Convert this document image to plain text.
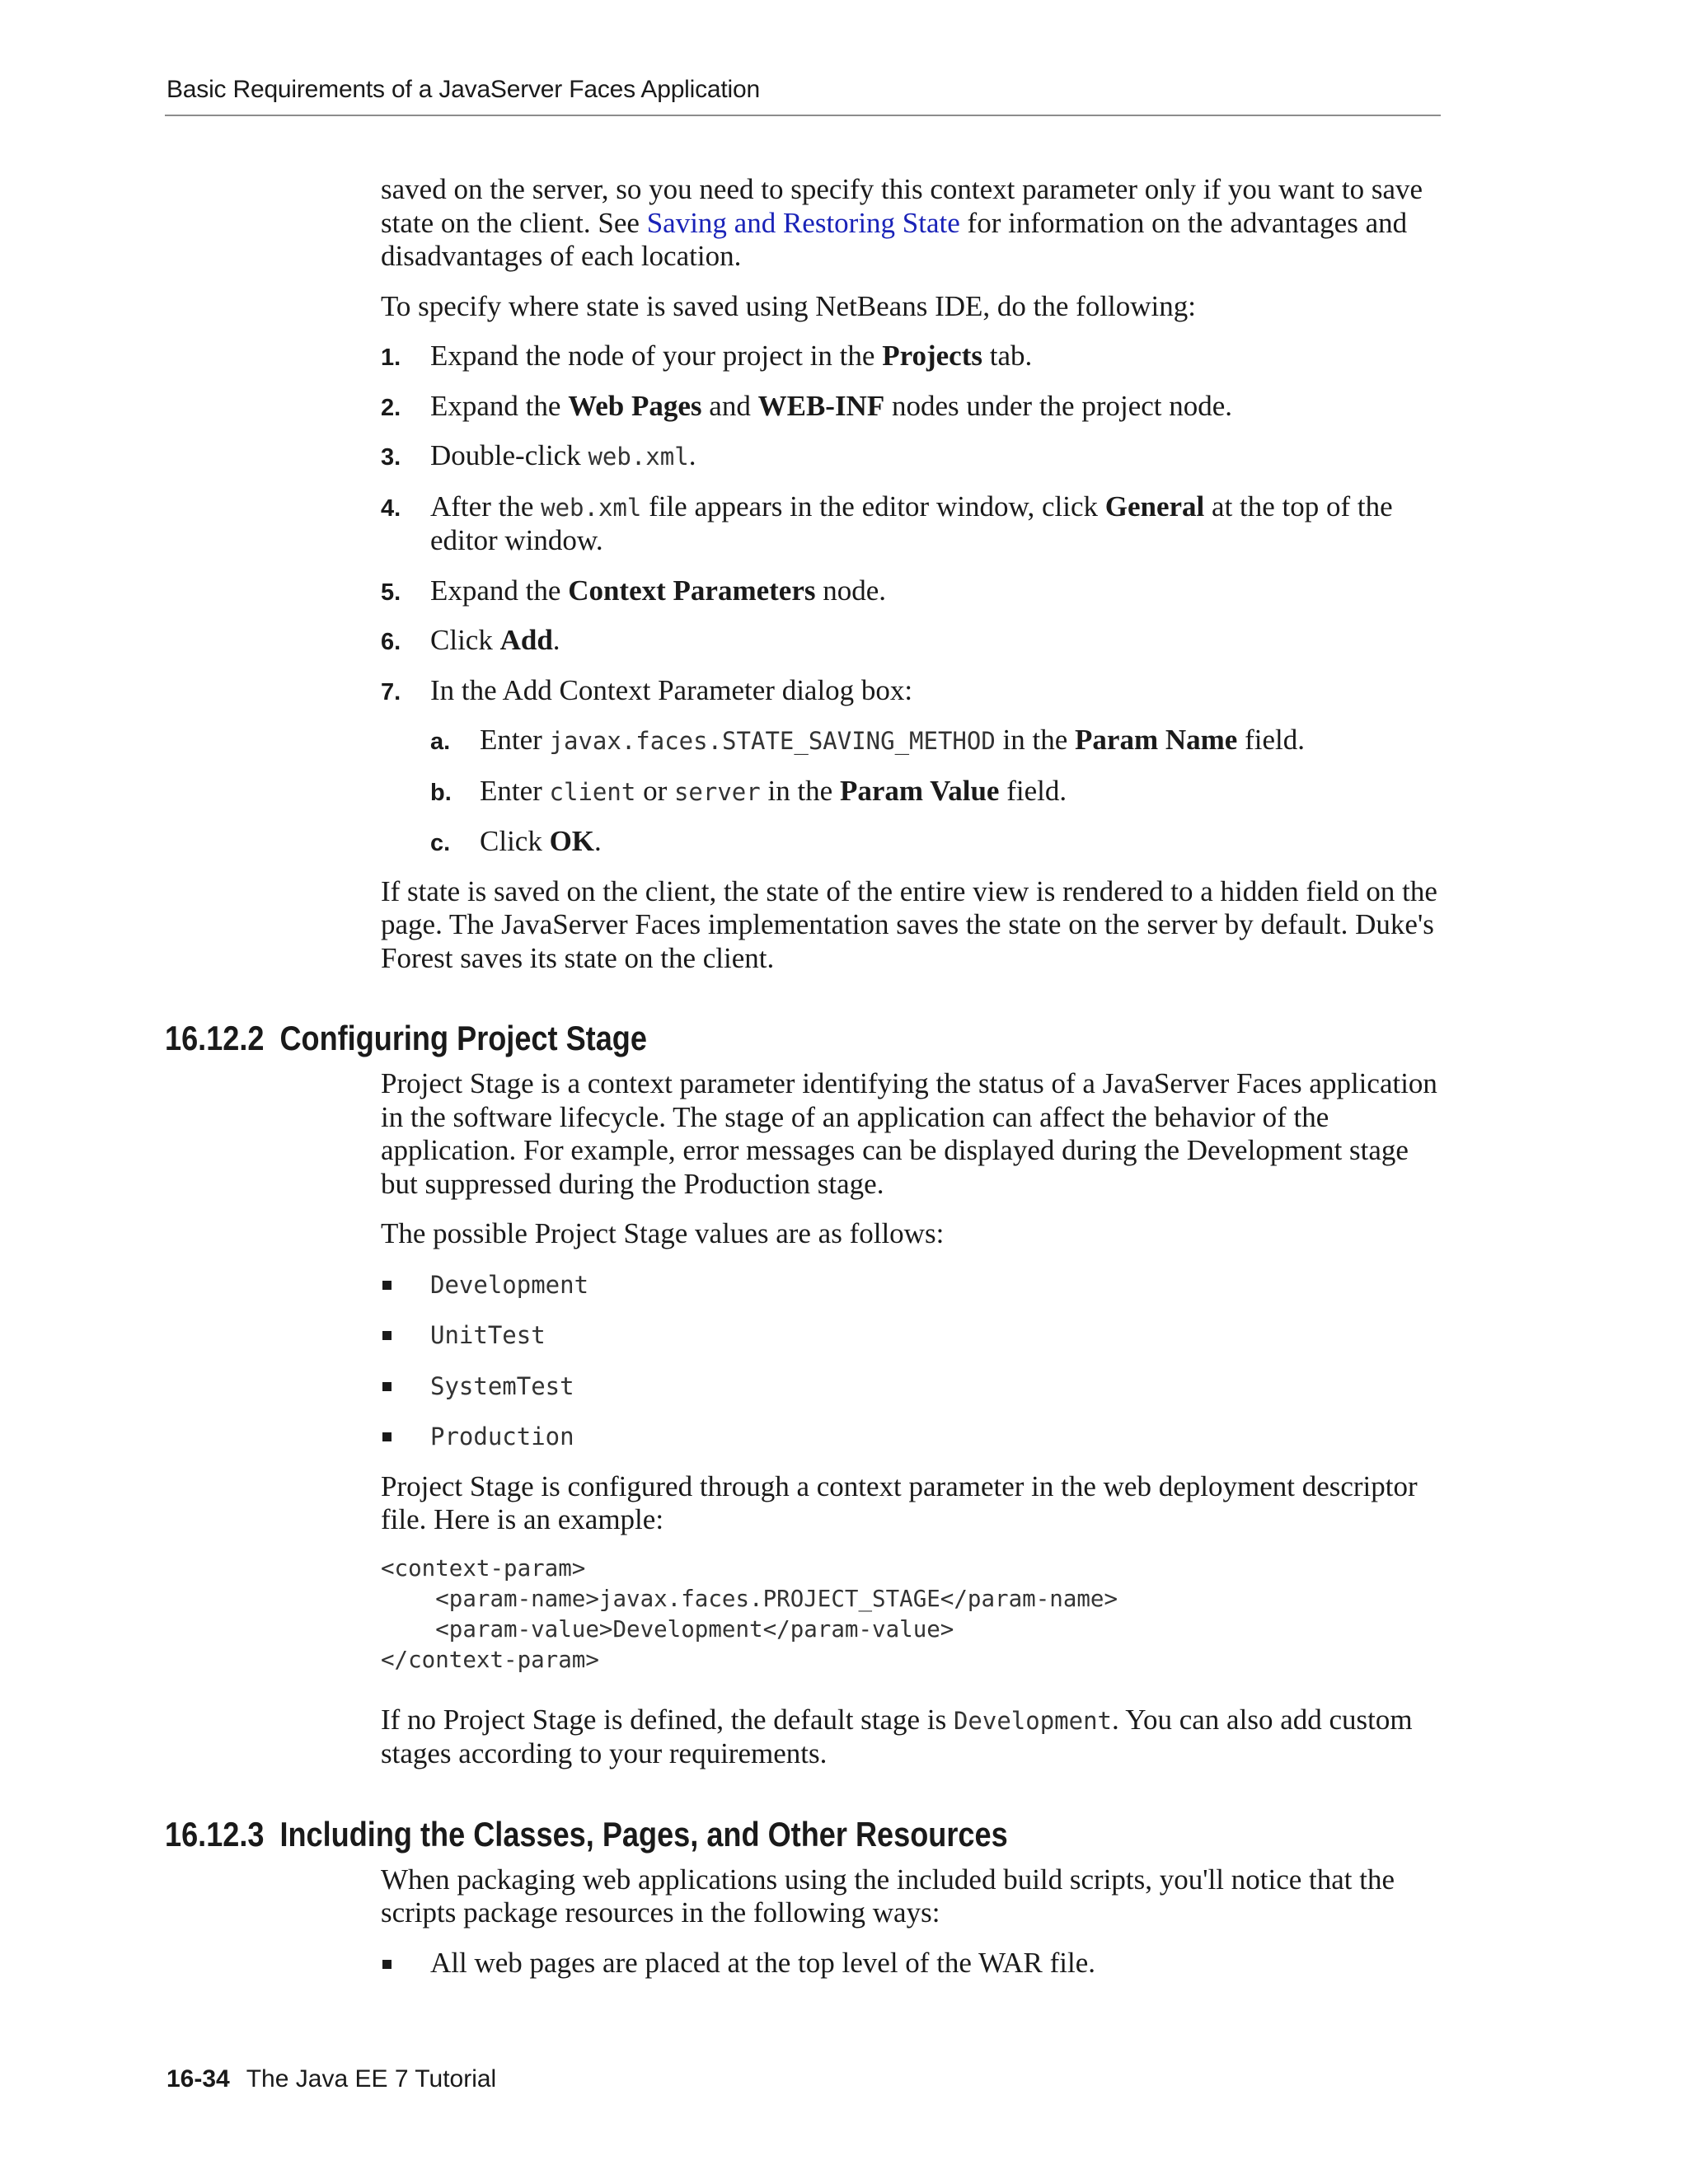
Basic Requirements of a JavaServer Faces Application

saved on the server, so you need to specify this context parameter only if you want to save state on the client. See Saving and Restoring State for information on the advantages and disadvantages of each location.

To specify where state is saved using NetBeans IDE, do the following:

1. Expand the node of your project in the Projects tab.
2. Expand the Web Pages and WEB-INF nodes under the project node.
3. Double-click web.xml.
4. After the web.xml file appears in the editor window, click General at the top of the editor window.
5. Expand the Context Parameters node.
6. Click Add.
7. In the Add Context Parameter dialog box:
a. Enter javax.faces.STATE_SAVING_METHOD in the Param Name field.
b. Enter client or server in the Param Value field.
c. Click OK.

If state is saved on the client, the state of the entire view is rendered to a hidden field on the page. The JavaServer Faces implementation saves the state on the server by default. Duke's Forest saves its state on the client.

16.12.2 Configuring Project Stage

Project Stage is a context parameter identifying the status of a JavaServer Faces application in the software lifecycle. The stage of an application can affect the behavior of the application. For example, error messages can be displayed during the Development stage but suppressed during the Production stage.

The possible Project Stage values are as follows:

Development
UnitTest
SystemTest
Production

Project Stage is configured through a context parameter in the web deployment descriptor file. Here is an example:

<context-param>
<param-name>javax.faces.PROJECT_STAGE</param-name>
<param-value>Development</param-value>
</context-param>

If no Project Stage is defined, the default stage is Development. You can also add custom stages according to your requirements.

16.12.3 Including the Classes, Pages, and Other Resources

When packaging web applications using the included build scripts, you'll notice that the scripts package resources in the following ways:

All web pages are placed at the top level of the WAR file.
16-34 The Java EE 7 Tutorial
